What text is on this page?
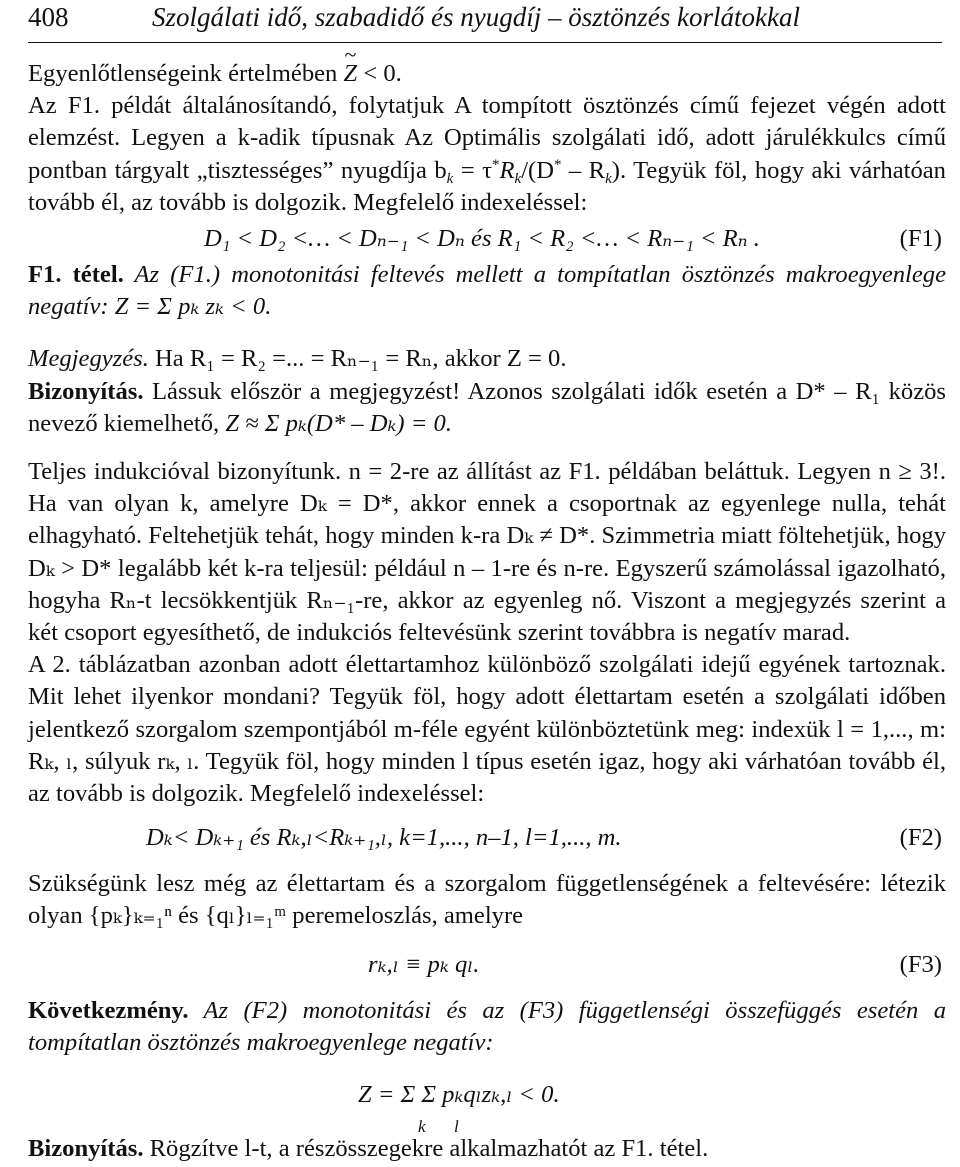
408	Szolgálati idő, szabadidő és nyugdíj – ösztönzés korlátokkal

Egyenlőtlenségeink értelmében ~ Z < 0.

Az F1. példát általánosítandó, folytatjuk A tompított ösztönzés című fejezet végén adott elemzést. Legyen a k-adik típusnak Az Optimális szolgálati idő, adott járulékkulcs című pontban tárgyalt „tisztességes” nyugdíja $b_k = \tau^*R_k/(D^* - R_k)$. Tegyük föl, hogy aki várhatóan tovább él, az tovább is dolgozik. Megfelelő indexeléssel:

D₁ < D₂ <… < Dₙ₋₁ < Dₙ és R₁ < R₂ <… < Rₙ₋₁ < Rₙ .	(F1)

F1. tétel. Az (F1.) monotonitási feltevés mellett a tompítatlan ösztönzés makroegyenlege negatív: Z = Σ pₖ zₖ < 0.

Megjegyzés. Ha R₁ = R₂ =... = Rₙ₋₁ = Rₙ, akkor Z = 0.

Bizonyítás. Lássuk először a megjegyzést! Azonos szolgálati idők esetén a D* – R₁ közös nevező kiemelhető, Z ≈ Σ pₖ(D* – Dₖ) = 0.

Teljes indukcióval bizonyítunk. n = 2-re az állítást az F1. példában beláttuk. Legyen n ≥ 3!. Ha van olyan k, amelyre Dₖ = D*, akkor ennek a csoportnak az egyenlege nulla, tehát elhagyható. Feltehetjük tehát, hogy minden k-ra Dₖ ≠ D*. Szimmetria miatt föltehetjük, hogy Dₖ > D* legalább két k-ra teljesül: például n – 1-re és n-re. Egyszerű számolással igazolható, hogyha Rₙ-t lecsökkentjük Rₙ₋₁-re, akkor az egyenleg nő. Viszont a megjegyzés szerint a két csoport egyesíthető, de indukciós feltevésünk szerint továbbra is negatív marad.

A 2. táblázatban azonban adott élettartamhoz különböző szolgálati idejű egyének tartoznak. Mit lehet ilyenkor mondani? Tegyük föl, hogy adott élettartam esetén a szolgálati időben jelentkező szorgalom szempontjából m-féle egyént különböztetünk meg: indexük l = 1,..., m: Rₖ, ₗ, súlyuk rₖ, ₗ. Tegyük föl, hogy minden l típus esetén igaz, hogy aki várhatóan tovább él, az tovább is dolgozik. Megfelelő indexeléssel:

Dₖ< Dₖ₊₁ és Rₖ,ₗ<Rₖ₊₁,ₗ, k=1,..., n–1, l=1,..., m.	(F2)

Szükségünk lesz még az élettartam és a szorgalom függetlenségének a feltevésére: létezik olyan {pₖ}ₖ₌₁ⁿ és {qₗ}ₗ₌₁ᵐ peremeloszlás, amelyre

rₖ,ₗ ≡ pₖ qₗ.	(F3)

Következmény. Az (F2) monotonitási és az (F3) függetlenségi összefüggés esetén a tompítatlan ösztönzés makroegyenlege negatív:

Z = Σ Σ pₖqₗzₖ,ₗ < 0.
k l

Bizonyítás. Rögzítve l-t, a részösszegekre alkalmazhatót az F1. tétel.
